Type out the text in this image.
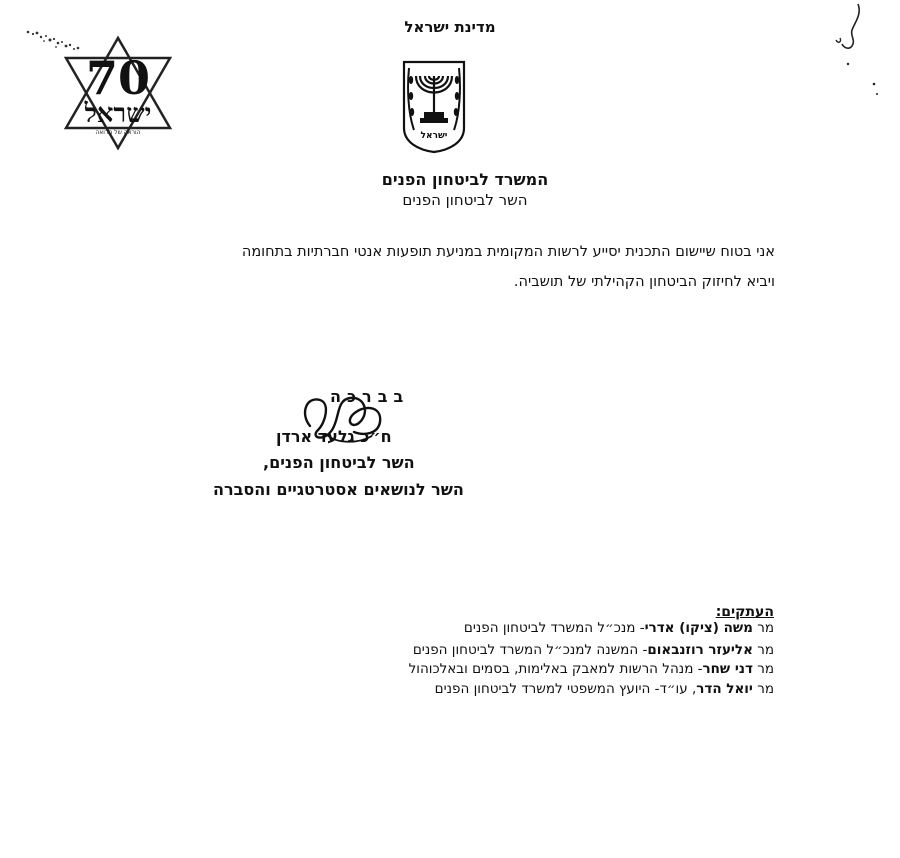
70
ישראל
הוראה של הרואה
מדינת ישראל
ישראל
המשרד לביטחון הפנים
השר לביטחון הפנים
אני בטוח שיישום התכנית יסייע לרשות המקומית במניעת תופעות אנטי חברתיות בתחומה
ויביא לחיזוק הביטחון הקהילתי של תושביה.
בברכה
ח״כ גלעד ארדן
השר לביטחון הפנים,
השר לנושאים אסטרטגיים והסברה
העתקים:
מר משה (ציקו) אדרי- מנכ״ל המשרד לביטחון הפנים
מר אליעזר רוזנבאום- המשנה למנכ״ל המשרד לביטחון הפנים
מר דני שחר- מנהל הרשות למאבק באלימות, בסמים ובאלכוהול
מר יואל הדר, עו״ד- היועץ המשפטי למשרד לביטחון הפנים
